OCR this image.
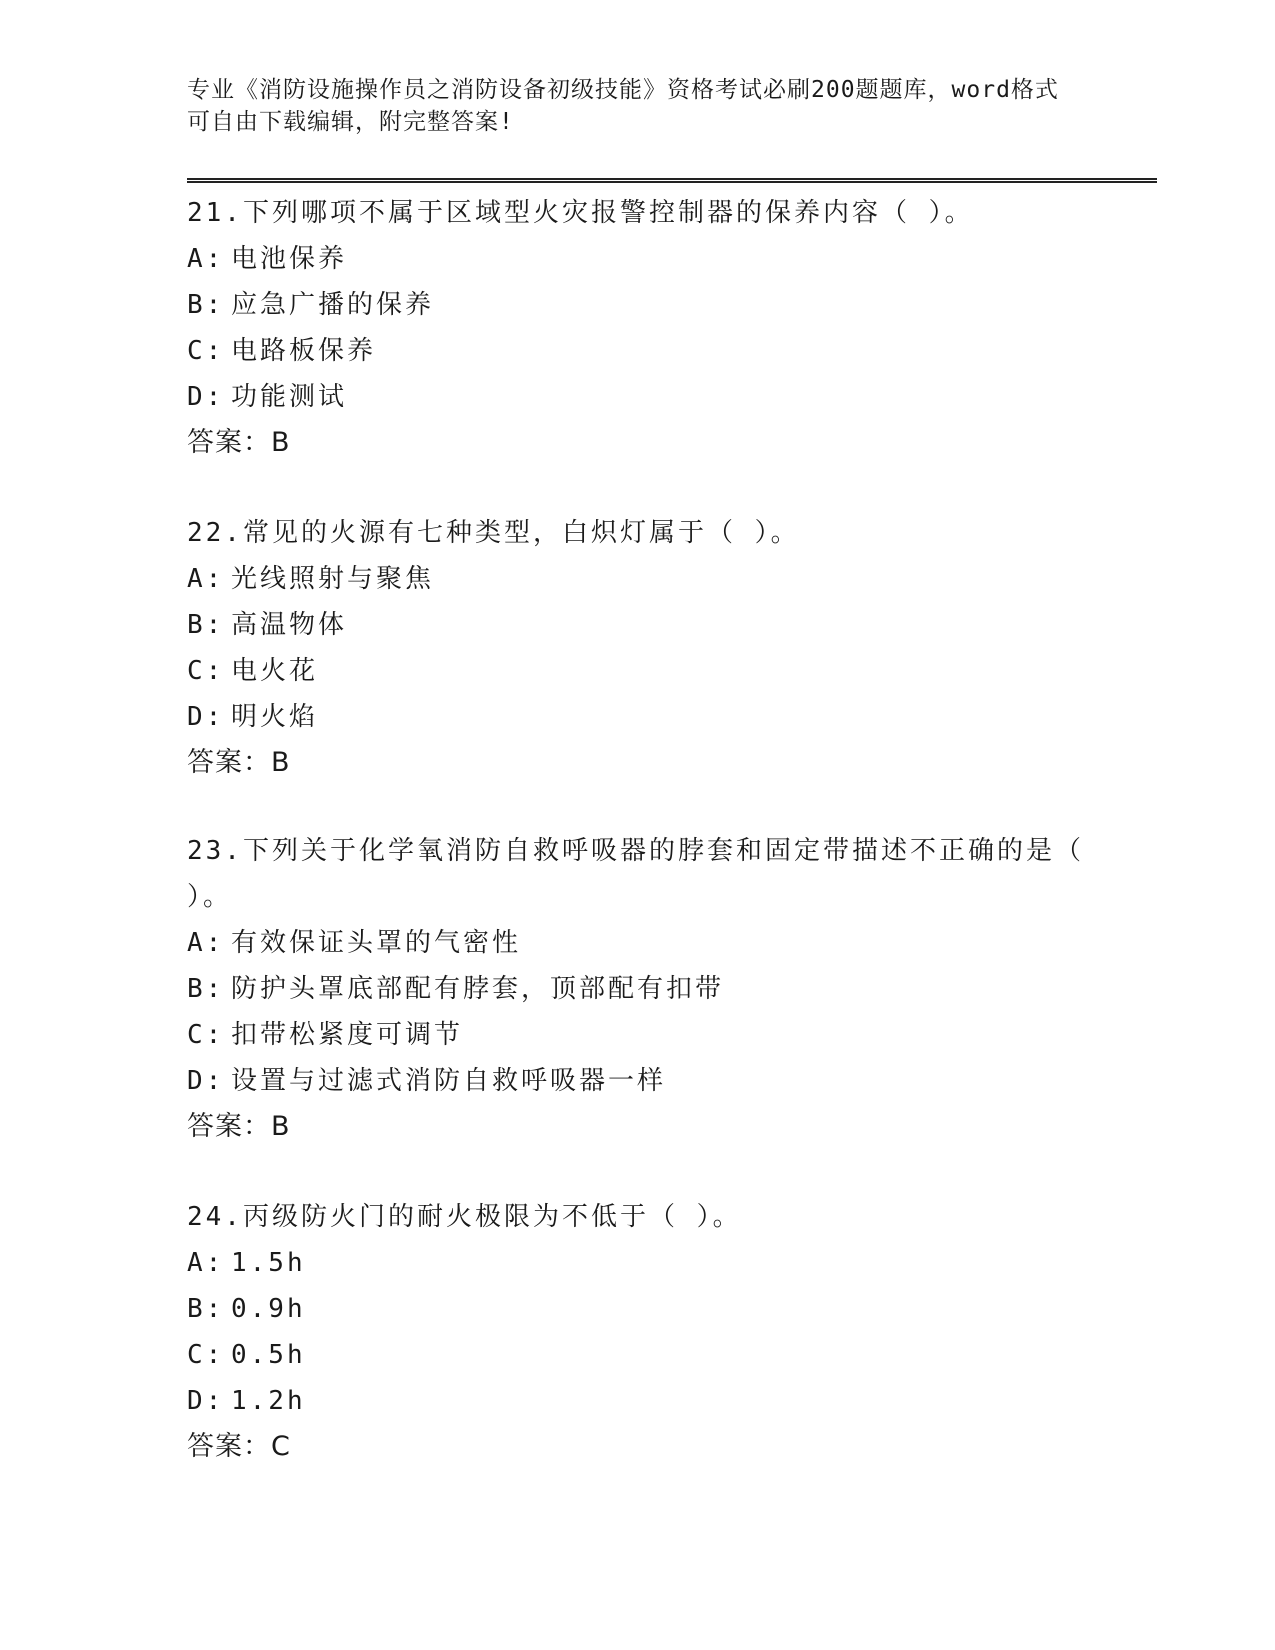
专业《消防设施操作员之消防设备初级技能》资格考试必刷200题题库，word格式可自由下载编辑，附完整答案!

21.下列哪项不属于区域型火灾报警控制器的保养内容（ ）。

A: 电池保养
B: 应急广播的保养
C: 电路板保养
D: 功能测试

答案：B

22.常见的火源有七种类型，白炽灯属于（ ）。

A: 光线照射与聚焦
B: 高温物体
C: 电火花
D: 明火焰

答案：B

23.下列关于化学氧消防自救呼吸器的脖套和固定带描述不正确的是（ ）。

A: 有效保证头罩的气密性
B: 防护头罩底部配有脖套，顶部配有扣带
C: 扣带松紧度可调节
D: 设置与过滤式消防自救呼吸器一样

答案：B

24.丙级防火门的耐火极限为不低于（ ）。

A: 1.5h
B: 0.9h
C: 0.5h
D: 1.2h

答案：C
